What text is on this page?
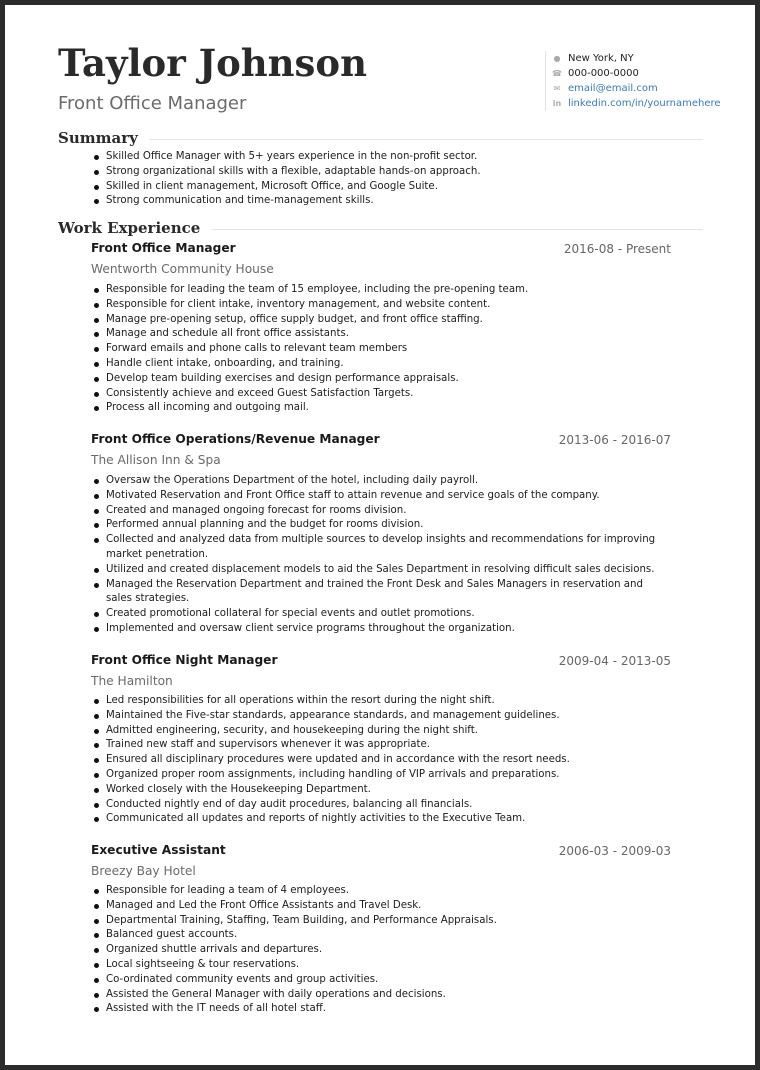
Taylor Johnson
Front Office Manager
● New York, NY
☎ 000-000-0000
✉ email@email.com
in linkedin.com/in/yournamehere
Summary
Skilled Office Manager with 5+ years experience in the non-profit sector.
Strong organizational skills with a flexible, adaptable hands-on approach.
Skilled in client management, Microsoft Office, and Google Suite.
Strong communication and time-management skills.
Work Experience
Front Office Manager	2016-08 - Present
Wentworth Community House
Responsible for leading the team of 15 employee, including the pre-opening team.
Responsible for client intake, inventory management, and website content.
Manage pre-opening setup, office supply budget, and front office staffing.
Manage and schedule all front office assistants.
Forward emails and phone calls to relevant team members
Handle client intake, onboarding, and training.
Develop team building exercises and design performance appraisals.
Consistently achieve and exceed Guest Satisfaction Targets.
Process all incoming and outgoing mail.
Front Office Operations/Revenue Manager	2013-06 - 2016-07
The Allison Inn & Spa
Oversaw the Operations Department of the hotel, including daily payroll.
Motivated Reservation and Front Office staff to attain revenue and service goals of the company.
Created and managed ongoing forecast for rooms division.
Performed annual planning and the budget for rooms division.
Collected and analyzed data from multiple sources to develop insights and recommendations for improving market penetration.
Utilized and created displacement models to aid the Sales Department in resolving difficult sales decisions.
Managed the Reservation Department and trained the Front Desk and Sales Managers in reservation and sales strategies.
Created promotional collateral for special events and outlet promotions.
Implemented and oversaw client service programs throughout the organization.
Front Office Night Manager	2009-04 - 2013-05
The Hamilton
Led responsibilities for all operations within the resort during the night shift.
Maintained the Five-star standards, appearance standards, and management guidelines.
Admitted engineering, security, and housekeeping during the night shift.
Trained new staff and supervisors whenever it was appropriate.
Ensured all disciplinary procedures were updated and in accordance with the resort needs.
Organized proper room assignments, including handling of VIP arrivals and preparations.
Worked closely with the Housekeeping Department.
Conducted nightly end of day audit procedures, balancing all financials.
Communicated all updates and reports of nightly activities to the Executive Team.
Executive Assistant	2006-03 - 2009-03
Breezy Bay Hotel
Responsible for leading a team of 4 employees.
Managed and Led the Front Office Assistants and Travel Desk.
Departmental Training, Staffing, Team Building, and Performance Appraisals.
Balanced guest accounts.
Organized shuttle arrivals and departures.
Local sightseeing & tour reservations.
Co-ordinated community events and group activities.
Assisted the General Manager with daily operations and decisions.
Assisted with the IT needs of all hotel staff.
